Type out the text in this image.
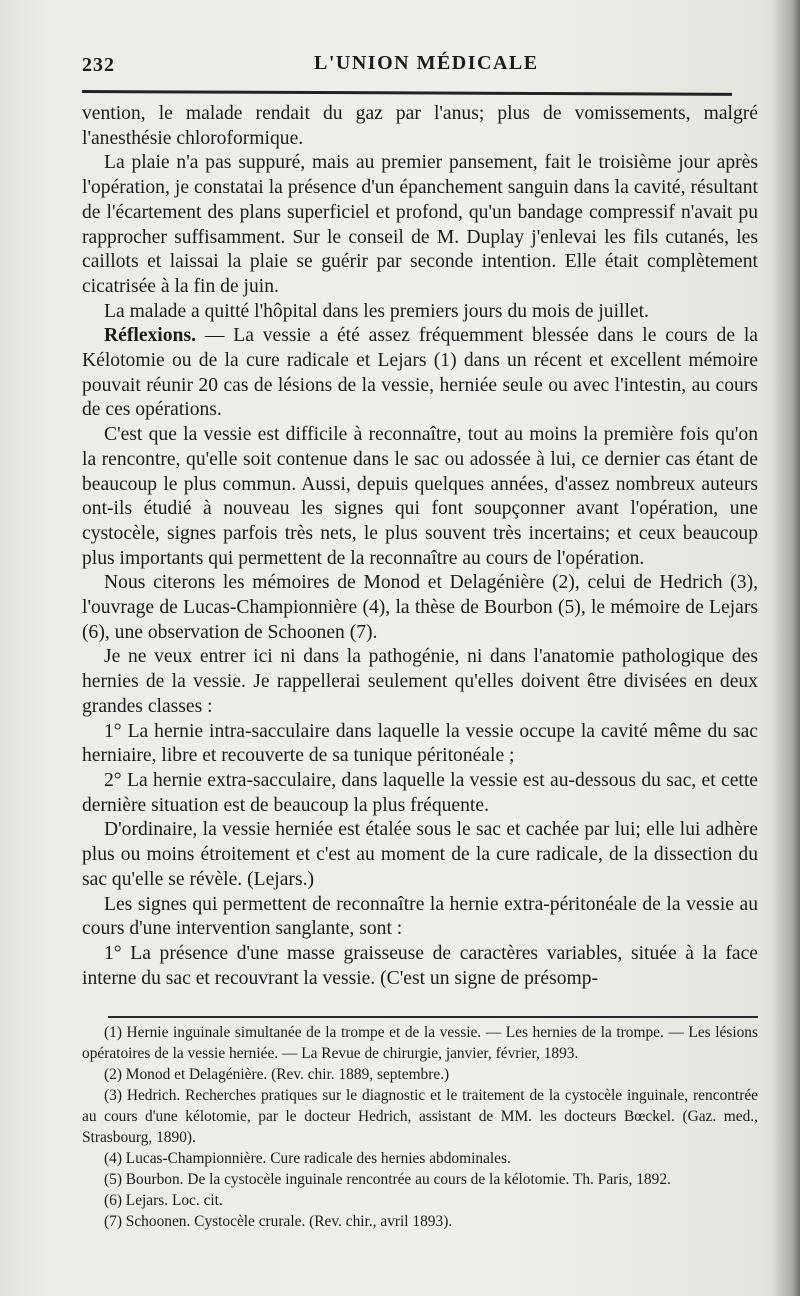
232	L'UNION MÉDICALE

vention, le malade rendait du gaz par l'anus; plus de vomissements, malgré l'anesthésie chloroformique.

La plaie n'a pas suppuré, mais au premier pansement, fait le troisième jour après l'opération, je constatai la présence d'un épanchement sanguin dans la cavité, résultant de l'écartement des plans superficiel et profond, qu'un bandage compressif n'avait pu rapprocher suffisamment. Sur le conseil de M. Duplay j'enlevai les fils cutanés, les caillots et laissai la plaie se guérir par seconde intention. Elle était complètement cicatrisée à la fin de juin.

La malade a quitté l'hôpital dans les premiers jours du mois de juillet.

Réflexions. — La vessie a été assez fréquemment blessée dans le cours de la Kélotomie ou de la cure radicale et Lejars (1) dans un récent et excellent mémoire pouvait réunir 20 cas de lésions de la vessie, herniée seule ou avec l'intestin, au cours de ces opérations.

C'est que la vessie est difficile à reconnaître, tout au moins la première fois qu'on la rencontre, qu'elle soit contenue dans le sac ou adossée à lui, ce dernier cas étant de beaucoup le plus commun. Aussi, depuis quelques années, d'assez nombreux auteurs ont-ils étudié à nouveau les signes qui font soupçonner avant l'opération, une cystocèle, signes parfois très nets, le plus souvent très incertains; et ceux beaucoup plus importants qui permettent de la reconnaître au cours de l'opération.

Nous citerons les mémoires de Monod et Delagénière (2), celui de Hedrich (3), l'ouvrage de Lucas-Championnière (4), la thèse de Bourbon (5), le mémoire de Lejars (6), une observation de Schoonen (7).

Je ne veux entrer ici ni dans la pathogénie, ni dans l'anatomie pathologique des hernies de la vessie. Je rappellerai seulement qu'elles doivent être divisées en deux grandes classes :

1° La hernie intra-sacculaire dans laquelle la vessie occupe la cavité même du sac herniaire, libre et recouverte de sa tunique péritonéale ;

2° La hernie extra-sacculaire, dans laquelle la vessie est au-dessous du sac, et cette dernière situation est de beaucoup la plus fréquente.

D'ordinaire, la vessie herniée est étalée sous le sac et cachée par lui; elle lui adhère plus ou moins étroitement et c'est au moment de la cure radicale, de la dissection du sac qu'elle se révèle. (Lejars.)

Les signes qui permettent de reconnaître la hernie extra-péritonéale de la vessie au cours d'une intervention sanglante, sont :

1° La présence d'une masse graisseuse de caractères variables, située à la face interne du sac et recouvrant la vessie. (C'est un signe de présomp-

(1) Hernie inguinale simultanée de la trompe et de la vessie. — Les hernies de la trompe. — Les lésions opératoires de la vessie herniée. — La Revue de chirurgie, janvier, février, 1893.

(2) Monod et Delagénière. (Rev. chir. 1889, septembre.)

(3) Hedrich. Recherches pratiques sur le diagnostic et le traitement de la cystocèle inguinale, rencontrée au cours d'une kélotomie, par le docteur Hedrich, assistant de MM. les docteurs Bœckel. (Gaz. med., Strasbourg, 1890).

(4) Lucas-Championnière. Cure radicale des hernies abdominales.

(5) Bourbon. De la cystocèle inguinale rencontrée au cours de la kélotomie. Th. Paris, 1892.

(6) Lejars. Loc. cit.

(7) Schoonen. Cystocèle crurale. (Rev. chir., avril 1893).
